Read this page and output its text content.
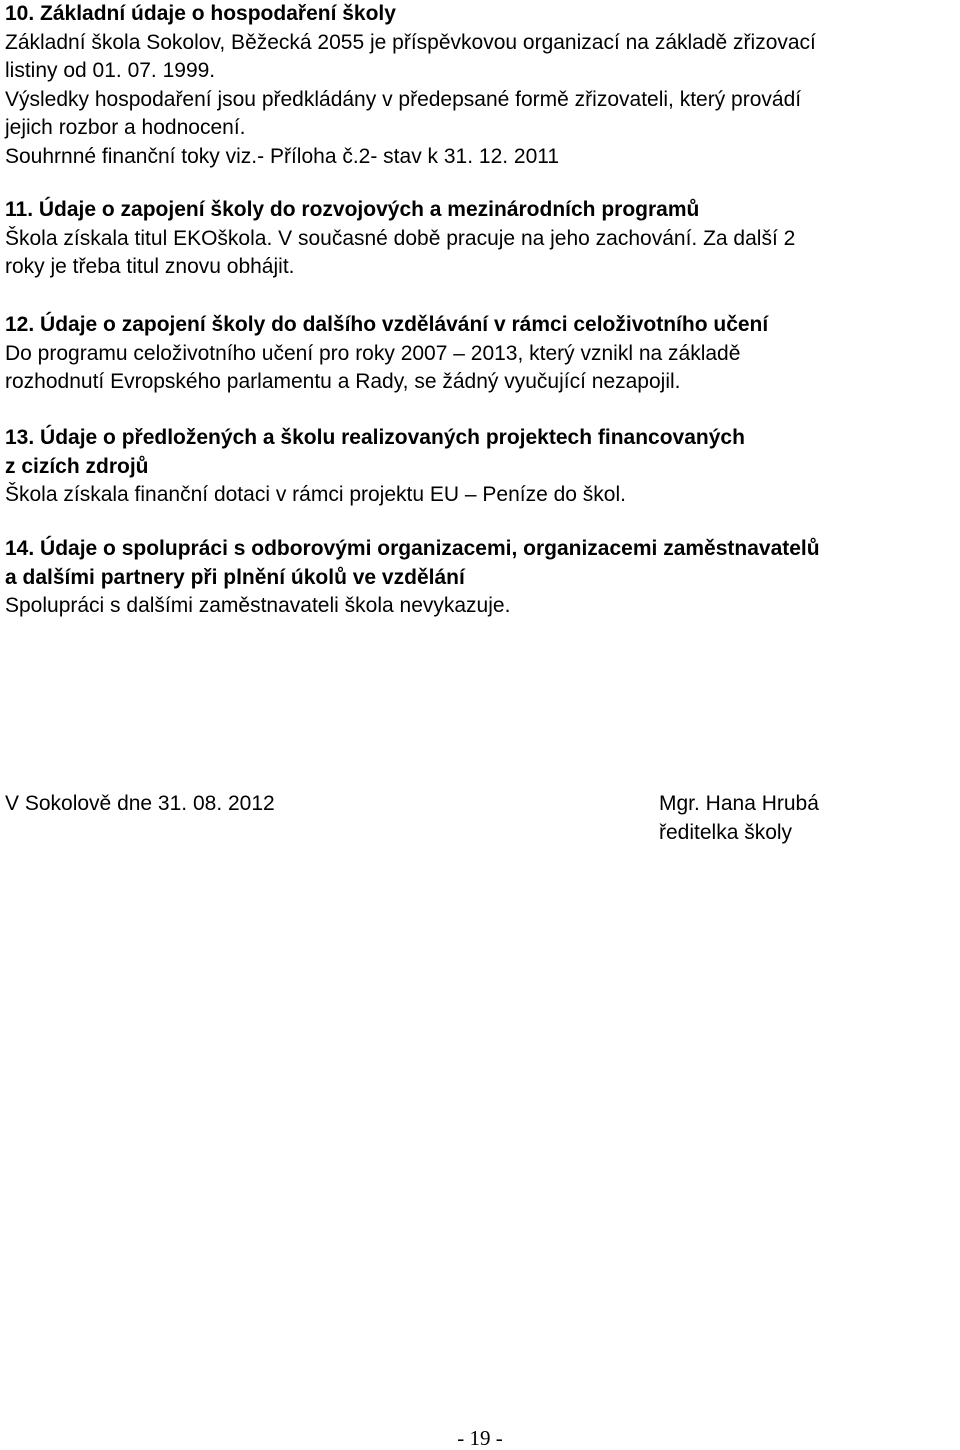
10. Základní údaje o hospodaření školy

Základní škola Sokolov, Běžecká 2055 je příspěvkovou organizací na základě zřizovací

listiny od 01. 07. 1999.

Výsledky hospodaření jsou předkládány v předepsané formě zřizovateli, který provádí

jejich rozbor a hodnocení.

Souhrnné finanční toky viz.- Příloha č.2- stav k 31. 12. 2011

11. Údaje o zapojení školy do rozvojových a mezinárodních programů

Škola získala titul EKOškola. V současné době pracuje na jeho zachování. Za další 2

roky je třeba titul znovu obhájit.

12. Údaje o zapojení školy do dalšího vzdělávání v rámci celoživotního učení

Do programu celoživotního učení pro roky 2007 – 2013, který vznikl na základě

rozhodnutí Evropského parlamentu a Rady, se žádný vyučující nezapojil.

13. Údaje o předložených a školu realizovaných projektech financovaných

z cizích zdrojů

Škola získala finanční dotaci v rámci projektu EU – Peníze do škol.

14. Údaje o spolupráci s odborovými organizacemi, organizacemi zaměstnavatelů

a dalšími partnery při plnění úkolů ve vzdělání

Spolupráci s dalšími zaměstnavateli škola nevykazuje.

V Sokolově dne 31. 08. 2012	Mgr. Hana Hrubá
ředitelka školy
- 19 -
